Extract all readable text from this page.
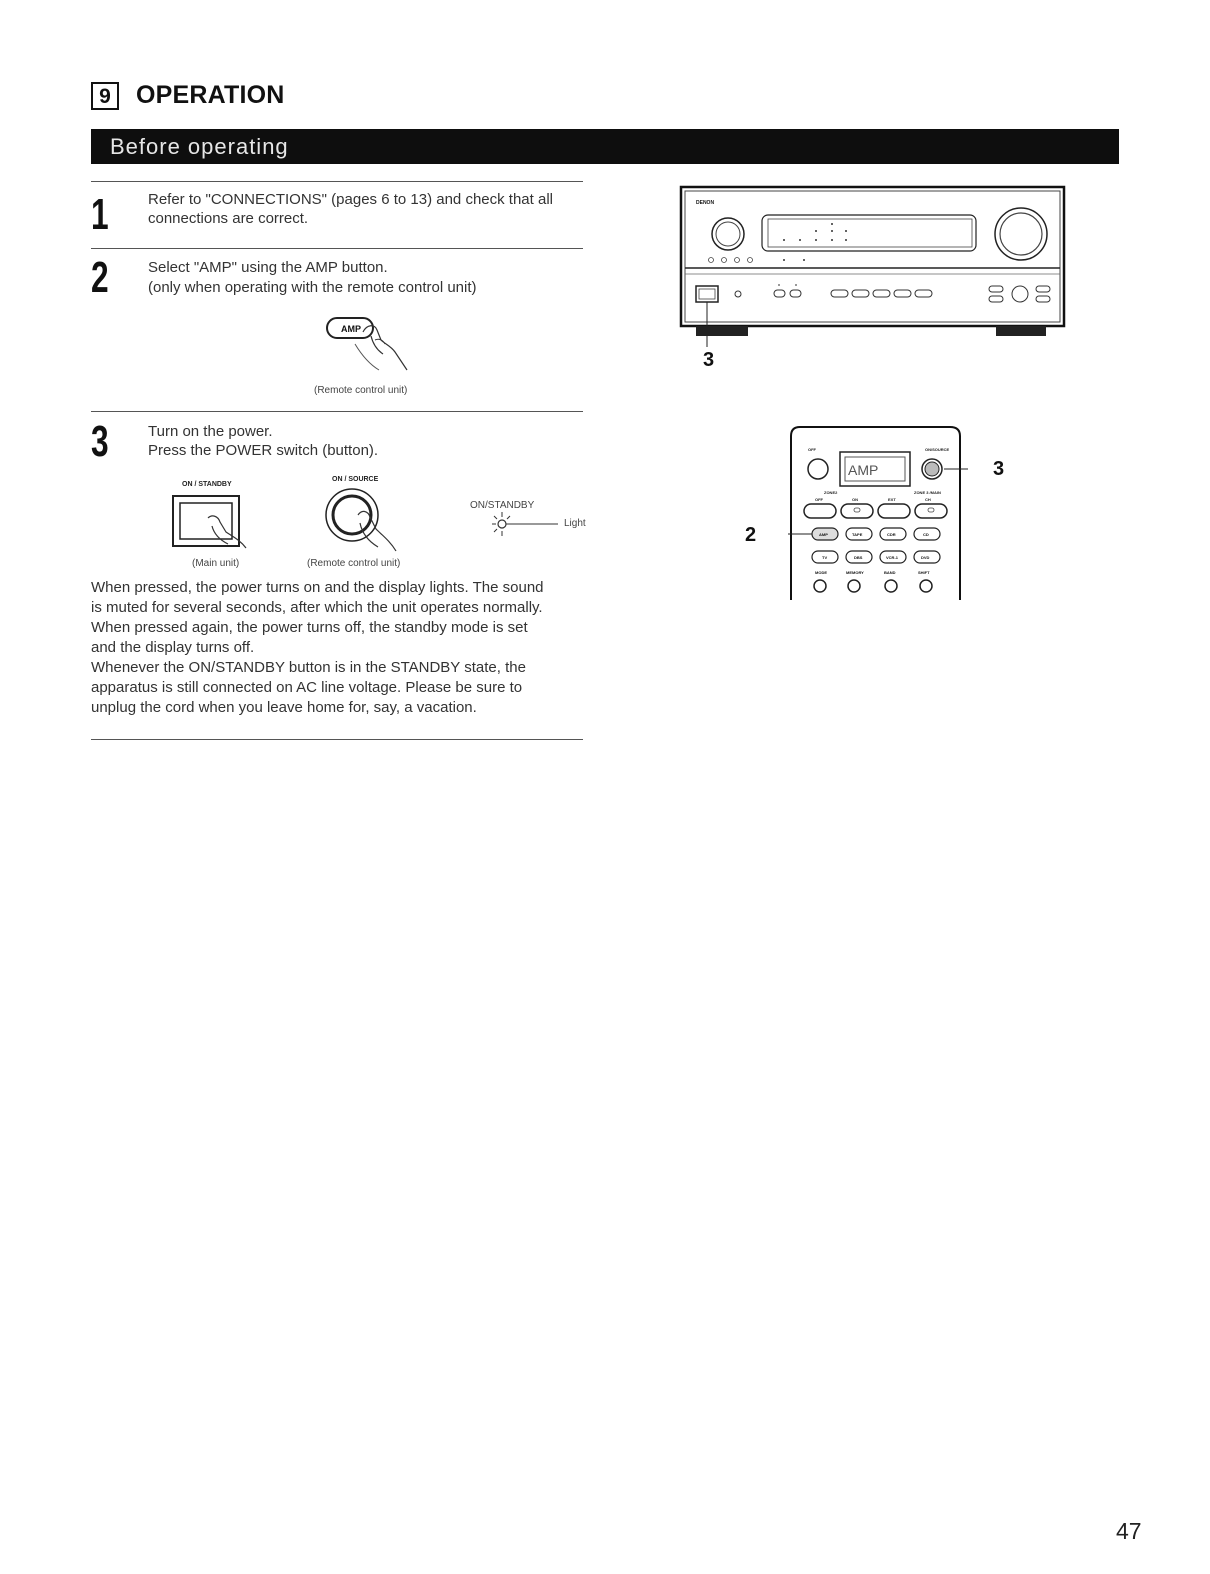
9	OPERATION
Before operating
1	Refer to "CONNECTIONS" (pages 6 to 13) and check that all
connections are correct.
2	Select "AMP" using the AMP button.
(only when operating with the remote control unit)
AMP
(Remote control unit)
3	Turn on the power.
Press the POWER switch (button).
ON / STANDBY
(Main unit)
ON / SOURCE
(Remote control unit)
ON/STANDBY
Light
When pressed, the power turns on and the display lights. The sound
is muted for several seconds, after which the unit operates normally.
When pressed again, the power turns off, the standby mode is set
and the display turns off.
Whenever the ON/STANDBY button is in the STANDBY state, the
apparatus is still connected on AC line voltage. Please be sure to
unplug the cord when you leave home for, say, a vacation.
DENON
3
OFF
AMP
ON/SOURCE
ZONE2	ZONE 3 /MAIN
OFF	ON	EXT	CH
AMP	TAPE	CDR	CD
TV	DBS	VCR-1	DVD
MODE	MEMORY	BAND	SHIFT
3
2
47
